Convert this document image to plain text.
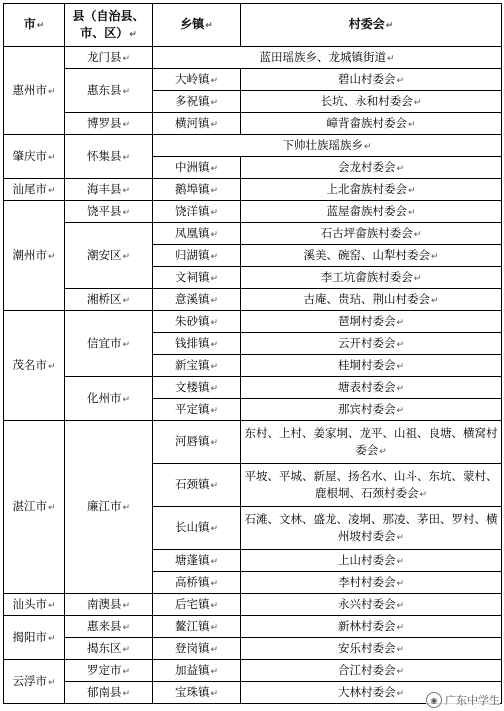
市↵	县（自治县、市、区）↵	乡镇↵	村委会↵
惠州市↵	龙门县↵	蓝田瑶族乡、龙城镇街道↵	
	惠东县↵	大岭镇↵	碧山村委会↵
		多祝镇↵	长坑、永和村委会↵
	博罗县↵	横河镇↵	嶂背畲族村委会↵
肇庆市↵	怀集县↵	下帅壮族瑶族乡↵	
		中洲镇↵	会龙村委会↵
汕尾市↵	海丰县↵	鹅埠镇↵	上北畲族村委会↵
潮州市↵	饶平县↵	饶洋镇↵	蓝屋畲族村委会↵
	潮安区↵	凤凰镇↵	石古坪畲族村委会↵
		归湖镇↵	溪美、碗窑、山犁村委会↵
		文祠镇↵	李工坑畲族村委会↵
	湘桥区↵	意溪镇↵	古庵、贵玷、荆山村委会↵
茂名市↵	信宜市↵	朱砂镇↵	琶垌村委会↵
		钱排镇↵	云开村委会↵
		新宝镇↵	桂垌村委会↵
	化州市↵	文楼镇↵	塘表村委会↵
		平定镇↵	那宾村委会↵
湛江市↵	廉江市↵	河唇镇↵	东村、上村、姜家垌、龙平、山祖、良塘、横窝村委会↵
		石颈镇↵	平坡、平城、新屋、扬名水、山斗、东坑、蒙村、鹿根垌、石颈村委会↵
		长山镇↵	石滩、文林、盛龙、凌垌、那凌、茅田、罗村、横州坡村委会↵
		塘蓬镇↵	上山村委会↵
		高桥镇↵	李村村委会↵
汕头市↵	南澳县↵	后宅镇↵	永兴村委会↵
揭阳市↵	惠来县↵	鳌江镇↵	新林村委会↵
	揭东区↵	登岗镇↵	安乐村委会↵
云浮市↵	罗定市↵	加益镇↵	合江村委会↵
	郁南县↵	宝珠镇↵	大林村委会↵
◉ 广东中学生
